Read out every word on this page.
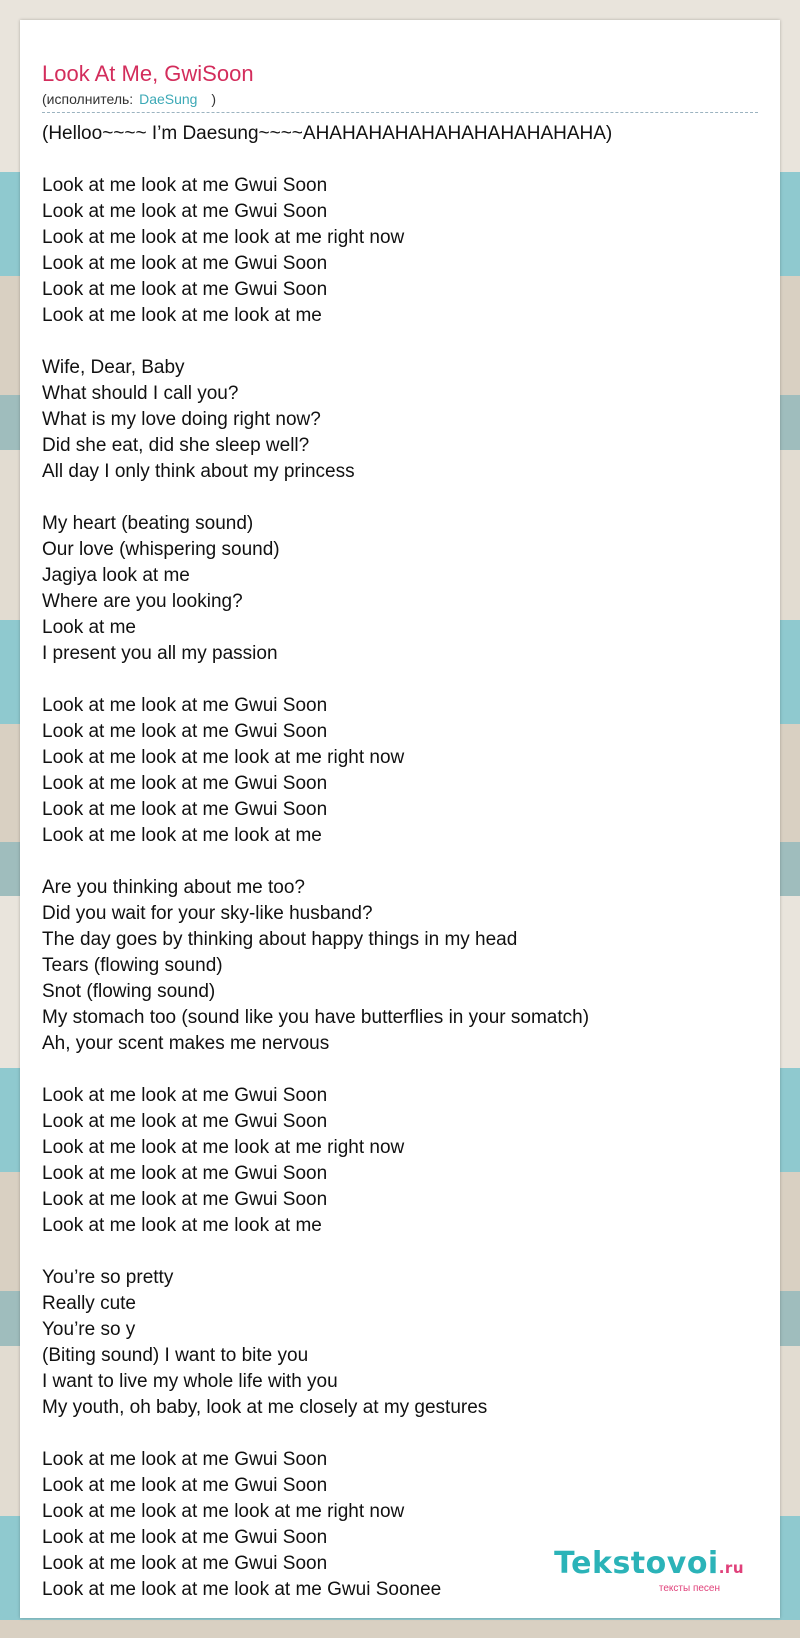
Look At Me, GwiSoon
(исполнитель: DaeSung )
(Helloo~~~~ I’m Daesung~~~~AHAHAHAHAHAHAHAHAHAHAHA)
Look at me look at me Gwui Soon
Look at me look at me Gwui Soon
Look at me look at me look at me right now
Look at me look at me Gwui Soon
Look at me look at me Gwui Soon
Look at me look at me look at me
Wife, Dear, Baby
What should I call you?
What is my love doing right now?
Did she eat, did she sleep well?
All day I only think about my princess
My heart (beating sound)
Our love (whispering sound)
Jagiya look at me
Where are you looking?
Look at me
I present you all my passion
Look at me look at me Gwui Soon
Look at me look at me Gwui Soon
Look at me look at me look at me right now
Look at me look at me Gwui Soon
Look at me look at me Gwui Soon
Look at me look at me look at me
Are you thinking about me too?
Did you wait for your sky-like husband?
The day goes by thinking about happy things in my head
Tears (flowing sound)
Snot (flowing sound)
My stomach too (sound like you have butterflies in your somatch)
Ah, your scent makes me nervous
Look at me look at me Gwui Soon
Look at me look at me Gwui Soon
Look at me look at me look at me right now
Look at me look at me Gwui Soon
Look at me look at me Gwui Soon
Look at me look at me look at me
You’re so pretty
Really cute
You’re so y
(Biting sound) I want to bite you
I want to live my whole life with you
My youth, oh baby, look at me closely at my gestures
Look at me look at me Gwui Soon
Look at me look at me Gwui Soon
Look at me look at me look at me right now
Look at me look at me Gwui Soon
Look at me look at me Gwui Soon
Look at me look at me look at me Gwui Soonee
Tekstovoi.ru
тексты песен
